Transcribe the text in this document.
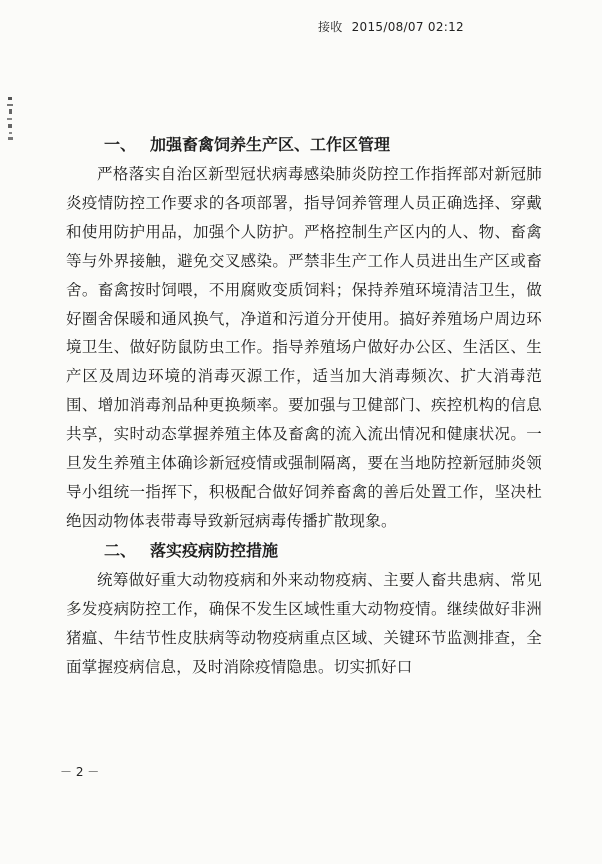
接收 2015/08/07 02:12
一、 加强畜禽饲养生产区、工作区管理

严格落实自治区新型冠状病毒感染肺炎防控工作指挥部对新冠肺炎疫情防控工作要求的各项部署，指导饲养管理人员正确选择、穿戴和使用防护用品，加强个人防护。严格控制生产区内的人、物、畜禽等与外界接触，避免交叉感染。严禁非生产工作人员进出生产区或畜舍。畜禽按时饲喂，不用腐败变质饲料；保持养殖环境清洁卫生，做好圈舍保暖和通风换气，净道和污道分开使用。搞好养殖场户周边环境卫生、做好防鼠防虫工作。指导养殖场户做好办公区、生活区、生产区及周边环境的消毒灭源工作，适当加大消毒频次、扩大消毒范围、增加消毒剂品种更换频率。要加强与卫健部门、疾控机构的信息共享，实时动态掌握养殖主体及畜禽的流入流出情况和健康状况。一旦发生养殖主体确诊新冠疫情或强制隔离，要在当地防控新冠肺炎领导小组统一指挥下，积极配合做好饲养畜禽的善后处置工作，坚决杜绝因动物体表带毒导致新冠病毒传播扩散现象。

二、 落实疫病防控措施

统筹做好重大动物疫病和外来动物疫病、主要人畜共患病、常见多发疫病防控工作，确保不发生区域性重大动物疫情。继续做好非洲猪瘟、牛结节性皮肤病等动物疫病重点区域、关键环节监测排查，全面掌握疫病信息，及时消除疫情隐患。切实抓好口

－ 2 －
